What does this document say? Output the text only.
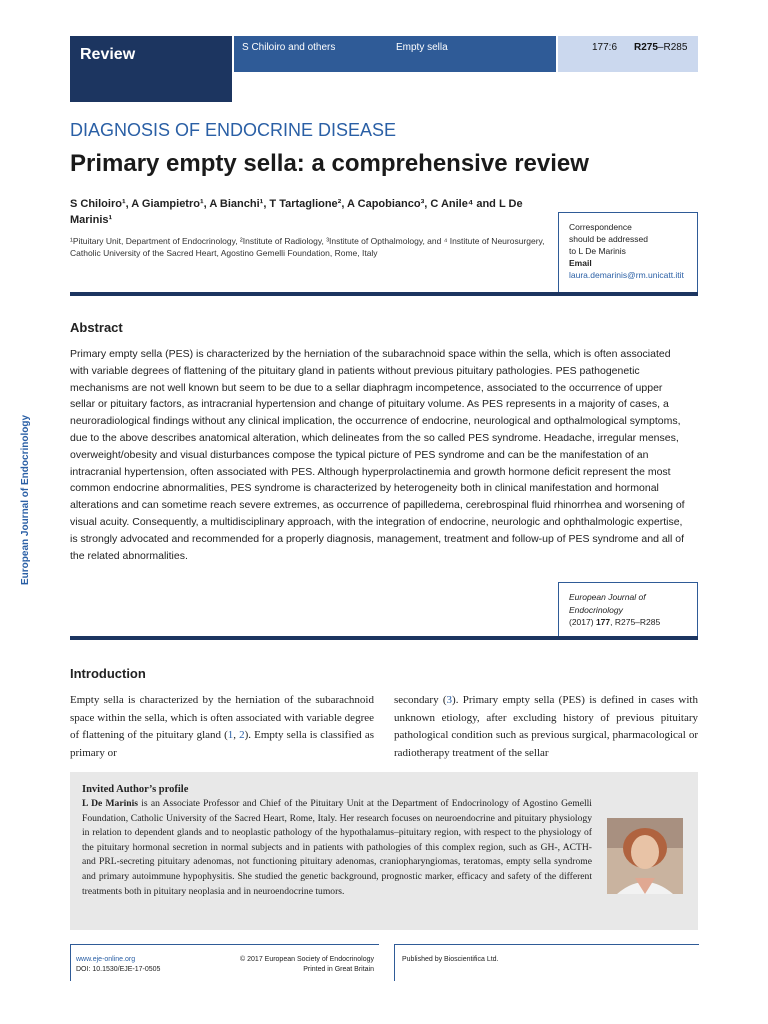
Review	S Chiloiro and others	Empty sella	177:6 R275–R285
DIAGNOSIS OF ENDOCRINE DISEASE
Primary empty sella: a comprehensive review
S Chiloiro¹, A Giampietro¹, A Bianchi¹, T Tartaglione², A Capobianco³, C Anile⁴ and L De Marinis¹
¹Pituitary Unit, Department of Endocrinology, ²Institute of Radiology, ³Institute of Opthalmology, and ⁴ Institute of Neurosurgery, Catholic University of the Sacred Heart, Agostino Gemelli Foundation, Rome, Italy
Correspondence
should be addressed
to L De Marinis
Email
laura.demarinis@rm.unicatt.itit
European Journal of Endocrinology
Abstract

Primary empty sella (PES) is characterized by the herniation of the subarachnoid space within the sella, which is often associated with variable degrees of flattening of the pituitary gland in patients without previous pituitary pathologies. PES pathogenetic mechanisms are not well known but seem to be due to a sellar diaphragm incompetence, associated to the occurrence of upper sellar or pituitary factors, as intracranial hypertension and change of pituitary volume. As PES represents in a majority of cases, a neuroradiological findings without any clinical implication, the occurrence of endocrine, neurological and opthalmological symptoms, due to the above describes anatomical alteration, which delineates from the so called PES syndrome. Headache, irregular menses, overweight/obesity and visual disturbances compose the typical picture of PES syndrome and can be the manifestation of an intracranial hypertension, often associated with PES. Although hyperprolactinemia and growth hormone deficit represent the most common endocrine abnormalities, PES syndrome is characterized by heterogeneity both in clinical manifestation and hormonal alterations and can sometime reach severe extremes, as occurrence of papilledema, cerebrospinal fluid rhinorrhea and worsening of visual acuity. Consequently, a multidisciplinary approach, with the integration of endocrine, neurologic and ophthalmologic expertise, is strongly advocated and recommended for a properly diagnosis, management, treatment and follow-up of PES syndrome and all of the related abnormalities.

European Journal of Endocrinology
(2017) 177, R275–R285
Introduction
Empty sella is characterized by the herniation of the subarachnoid space within the sella, which is often associated with variable degree of flattening of the pituitary gland (1, 2). Empty sella is classified as primary or
secondary (3). Primary empty sella (PES) is defined in cases with unknown etiology, after excluding history of previous pituitary pathological condition such as previous surgical, pharmacological or radiotherapy treatment of the sellar
Invited Author’s profile
L De Marinis is an Associate Professor and Chief of the Pituitary Unit at the Department of Endocrinology of Agostino Gemelli Foundation, Catholic University of the Sacred Heart, Rome, Italy. Her research focuses on neuroendocrine and pituitary physiology in relation to dependent glands and to neoplastic pathology of the hypothalamus–pituitary region, with respect to the physiology of the pituitary hormonal secretion in normal subjects and in patients with pathologies of this complex region, such as GH-, ACTH- and PRL-secreting pituitary adenomas, not functioning pituitary adenomas, craniopharyngiomas, teratomas, empty sella syndrome and primary autoimmune hypophysitis. She studied the genetic background, prognostic marker, efficacy and safety of the different treatments both in pituitary neoplasia and in neuroendocrine tumors.
www.eje-online.org
DOI: 10.1530/EJE-17-0505
© 2017 European Society of Endocrinology
Printed in Great Britain
Published by Bioscientifica Ltd.
